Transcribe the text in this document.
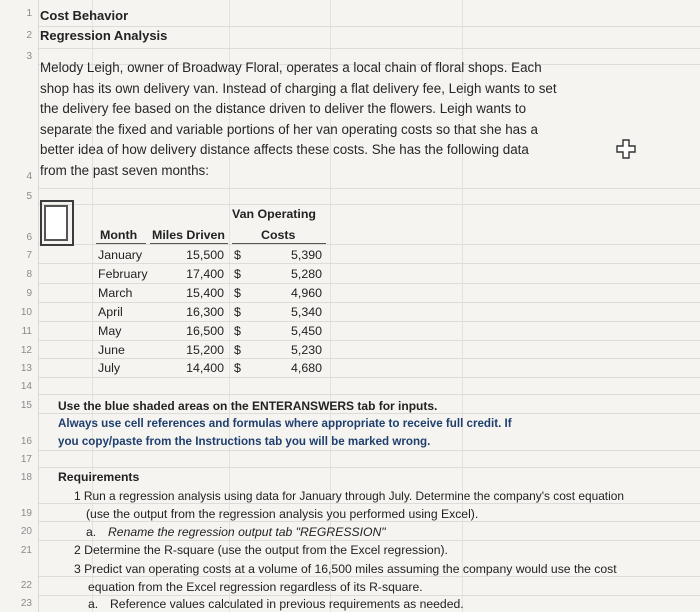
1
2
3
4
5
6
7
8
9
10
11
12
13
14
15
16
17
18
19
20
21
22
23
Cost Behavior
Regression Analysis
Melody Leigh, owner of Broadway Floral, operates a local chain of floral shops. Each
shop has its own delivery van. Instead of charging a flat delivery fee, Leigh wants to set
the delivery fee based on the distance driven to deliver the flowers. Leigh wants to
separate the fixed and variable portions of her van operating costs so that she has a
better idea of how delivery distance affects these costs. She has the following data
from the past seven months:
Van Operating
Month Miles Driven	Costs
January	15,500 $	5,390
February	17,400 $	5,280
March	15,400 $	4,960
April	16,300 $	5,340
May	16,500 $	5,450
June	15,200 $	5,230
July	14,400 $	4,680
Use the blue shaded areas on the ENTERANSWERS tab for inputs.
Always use cell references and formulas where appropriate to receive full credit. If
you copy/paste from the Instructions tab you will be marked wrong.
Requirements
1 Run a regression analysis using data for January through July. Determine the company's cost equation
(use the output from the regression analysis you performed using Excel).
a. Rename the regression output tab "REGRESSION"
2 Determine the R-square (use the output from the Excel regression).
3 Predict van operating costs at a volume of 16,500 miles assuming the company would use the cost
equation from the Excel regression regardless of its R-square.
a. Reference values calculated in previous requirements as needed.
